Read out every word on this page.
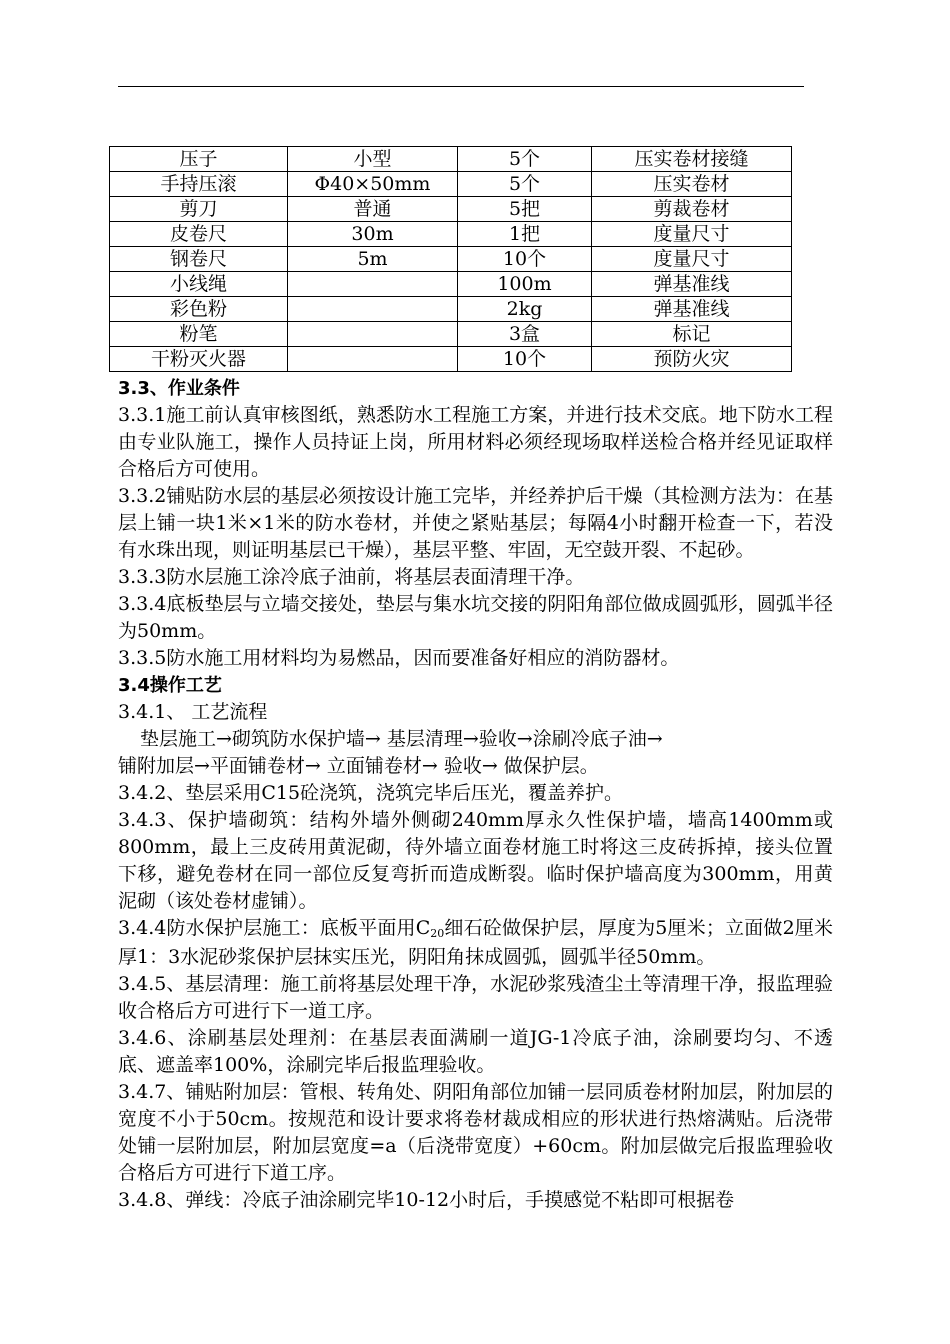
压子	小型	5个	压实卷材接缝
手持压滚	Φ40×50mm	5个	压实卷材
剪刀	普通	5把	剪裁卷材
皮卷尺	30m	1把	度量尺寸
钢卷尺	5m	10个	度量尺寸
小线绳		100m	弹基准线
彩色粉		2kg	弹基准线
粉笔		3盒	标记
干粉灭火器		10个	预防火灾

3.3、作业条件

3.3.1施工前认真审核图纸，熟悉防水工程施工方案，并进行技术交底。地下防水工程由专业队施工，操作人员持证上岗，所用材料必须经现场取样送检合格并经见证取样合格后方可使用。

3.3.2铺贴防水层的基层必须按设计施工完毕，并经养护后干燥（其检测方法为：在基层上铺一块1米×1米的防水卷材，并使之紧贴基层；每隔4小时翻开检查一下，若没有水珠出现，则证明基层已干燥），基层平整、牢固，无空鼓开裂、不起砂。

3.3.3防水层施工涂冷底子油前，将基层表面清理干净。

3.3.4底板垫层与立墙交接处，垫层与集水坑交接的阴阳角部位做成圆弧形，圆弧半径为50mm。

3.3.5防水施工用材料均为易燃品，因而要准备好相应的消防器材。

3.4操作工艺

3.4.1、 工艺流程

垫层施工→砌筑防水保护墙→ 基层清理→验收→涂刷冷底子油→

铺附加层→平面铺卷材→ 立面铺卷材→ 验收→ 做保护层。

3.4.2、垫层采用C15砼浇筑，浇筑完毕后压光，覆盖养护。

3.4.3、保护墙砌筑：结构外墙外侧砌240mm厚永久性保护墙，墙高1400mm或800mm，最上三皮砖用黄泥砌，待外墙立面卷材施工时将这三皮砖拆掉，接头位置下移，避免卷材在同一部位反复弯折而造成断裂。临时保护墙高度为300mm，用黄泥砌（该处卷材虚铺）。

3.4.4防水保护层施工：底板平面用$C_{20}$细石砼做保护层，厚度为5厘米；立面做2厘米厚1：3水泥砂浆保护层抹实压光，阴阳角抹成圆弧，圆弧半径50mm。

3.4.5、基层清理：施工前将基层处理干净，水泥砂浆残渣尘土等清理干净，报监理验收合格后方可进行下一道工序。

3.4.6、涂刷基层处理剂：在基层表面满刷一道JG-1冷底子油，涂刷要均匀、不透底、遮盖率100%，涂刷完毕后报监理验收。

3.4.7、铺贴附加层：管根、转角处、阴阳角部位加铺一层同质卷材附加层，附加层的宽度不小于50cm。按规范和设计要求将卷材裁成相应的形状进行热熔满贴。后浇带处铺一层附加层，附加层宽度=a（后浇带宽度）+60cm。附加层做完后报监理验收合格后方可进行下道工序。

3.4.8、弹线：冷底子油涂刷完毕10-12小时后，手摸感觉不粘即可根据卷
